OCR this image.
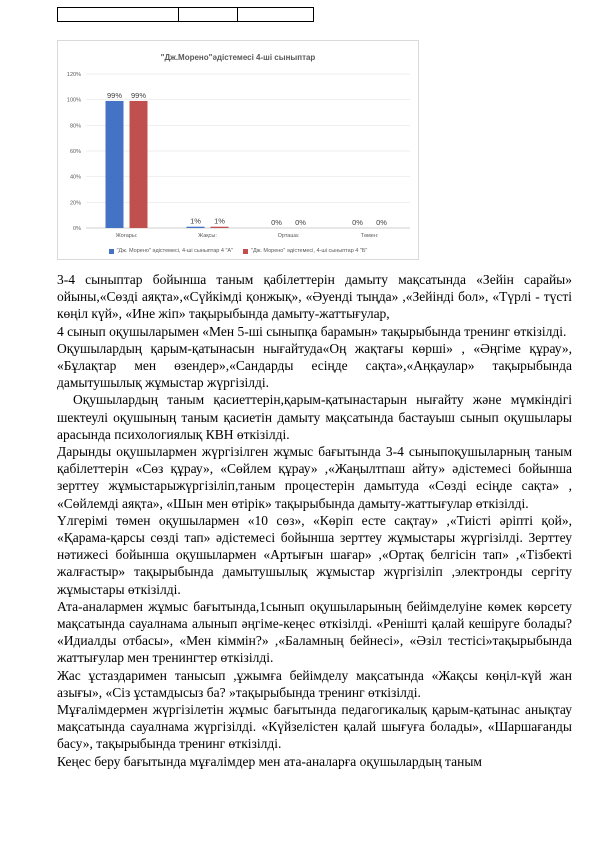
"Дж.Морено"әдістемесі 4-ші сыныптар
0%
20%
40%
60%
80%
100%
120%
Жоғары:
99% 99%
Жақсы:
1% 1%
Орташа:
0% 0%
Төмен:
0% 0%
"Дж. Морено" әдістемесі, 4-ші сыныптар 4 "А"	"Дж. Морено" әдістемесі, 4-ші сыныптар 4 "Б"

3-4 сыныптар бойынша таным қабілеттерін дамыту мақсатында «Зейін сарайы» ойыны,«Сөзді аяқта»,«Сүйкімді қонжық», «Әуенді тыңда» ,«Зейінді бол», «Түрлі - түсті көңіл күй», «Ине жіп» тақырыбында дамыту-жаттығулар,

4 сынып оқушыларымен «Мен 5-ші сыныпқа барамын» тақырыбында тренинг өткізілді.

Оқушылардың қарым-қатынасын нығайтуда«Оң жақтағы көрші» , «Әңгіме құрау», «Бұлақтар мен өзендер»,«Сандарды есіңде сақта»,«Аңқаулар» тақырыбында дамытушылық жұмыстар жүргізілді.

Оқушылардың таным қасиеттерін,қарым-қатынастарын нығайту және мүмкіндігі шектеулі оқушының таным қасиетін дамыту мақсатында бастауыш сынып оқушылары арасында психологиялық КВН өткізілді.

Дарынды оқушылармен жүргізілген жұмыс бағытында 3-4 сыныпоқушыларның таным қабілеттерін «Сөз құрау», «Сөйлем құрау» ,«Жаңылтпаш айту» әдістемесі бойынша зерттеу жұмыстарыжүргізіліп,таным процестерін дамытуда «Сөзді есіңде сақта» , «Сөйлемді аяқта», «Шын мен өтірік» тақырыбында дамыту-жаттығулар өткізілді.

Үлгерімі төмен оқушылармен «10 сөз», «Көріп есте сақтау» ,«Тиісті әріпті қой», «Қарама-қарсы сөзді тап» әдістемесі бойынша зерттеу жұмыстары жүргізілді. Зерттеу нәтижесі бойынша оқушылармен «Артығын шағар» ,«Ортақ белгісін тап» ,«Тізбекті жалғастыр» тақырыбында дамытушылық жұмыстар жүргізіліп ,электронды сергіту жұмыстары өткізілді.

Ата-аналармен жұмыс бағытында,1сынып оқушыларының бейімделуіне көмек көрсету мақсатында сауалнама алынып әңгіме-кеңес өткізілді. «Ренішті қалай кешіруге болады? «Идиалды отбасы», «Мен кіммін?» ,«Баламның бейнесі», «Әзіл тестісі»тақырыбында жаттығулар мен тренингтер өткізілді.

Жас ұстаздаримен танысып ,ұжымға бейімделу мақсатында «Жақсы көңіл-күй жан азығы», «Сіз ұстамдысыз ба? »тақырыбында тренинг өткізілді.

Мұғалімдермен жүргізілетін жұмыс бағытында педагогикалық қарым-қатынас анықтау мақсатында сауалнама жүргізілді. «Күйзелістен қалай шығуға болады», «Шаршағанды басу», тақырыбында тренинг өткізілді.

Кеңес беру бағытында мұғалімдер мен ата-аналарға оқушылардың таным
